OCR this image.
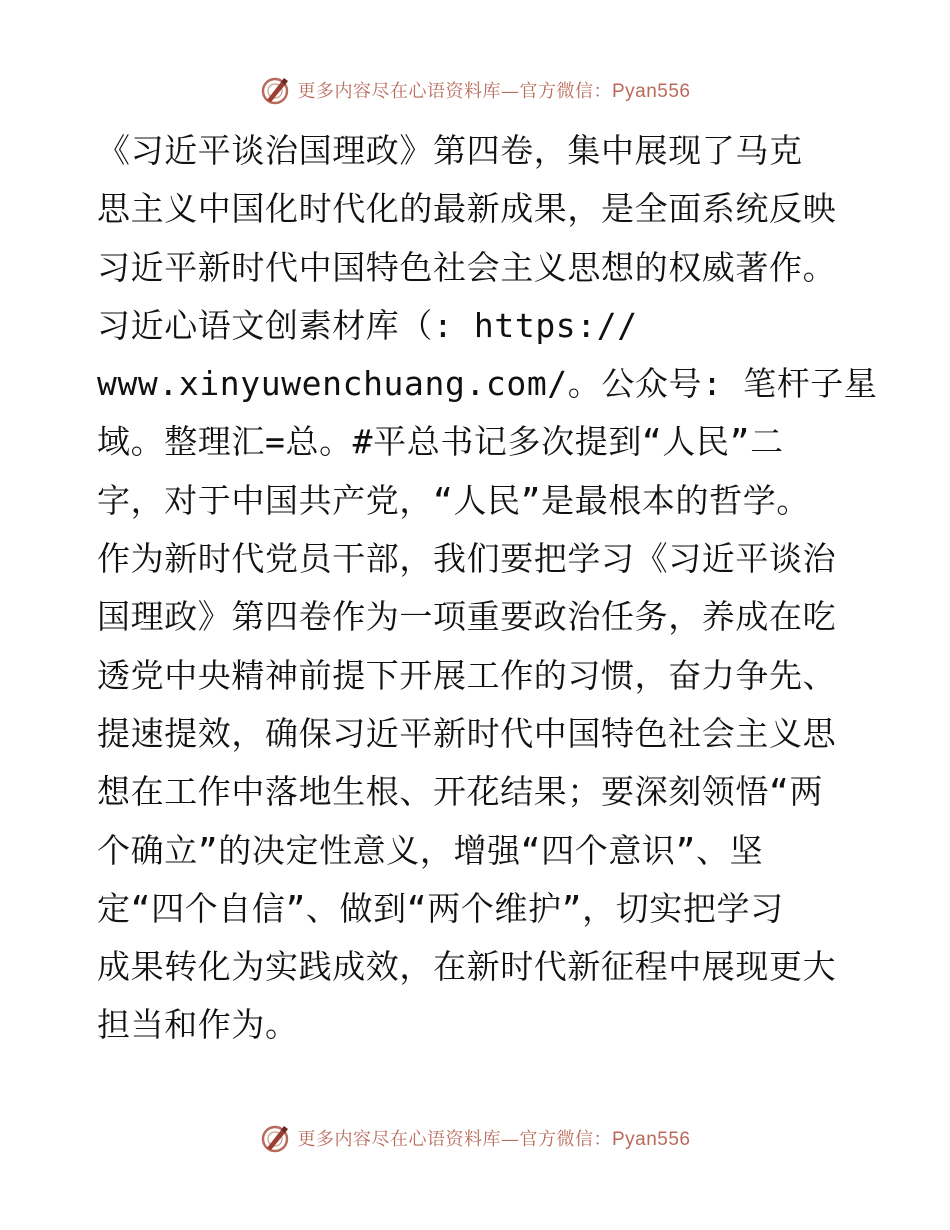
更多内容尽在心语资料库—官方微信：Pyan556
《习近平谈治国理政》第四卷，集中展现了马克
思主义中国化时代化的最新成果，是全面系统反映
习近平新时代中国特色社会主义思想的权威著作。
习近心语文创素材库（: https://
www.xinyuwenchuang.com/。公众号: 笔杆子星
域。整理汇=总。#平总书记多次提到“人民”二
字，对于中国共产党，“人民”是最根本的哲学。
作为新时代党员干部，我们要把学习《习近平谈治
国理政》第四卷作为一项重要政治任务，养成在吃
透党中央精神前提下开展工作的习惯，奋力争先、
提速提效，确保习近平新时代中国特色社会主义思
想在工作中落地生根、开花结果；要深刻领悟“两
个确立”的决定性意义，增强“四个意识”、坚
定“四个自信”、做到“两个维护”，切实把学习
成果转化为实践成效，在新时代新征程中展现更大
担当和作为。
更多内容尽在心语资料库—官方微信：Pyan556
